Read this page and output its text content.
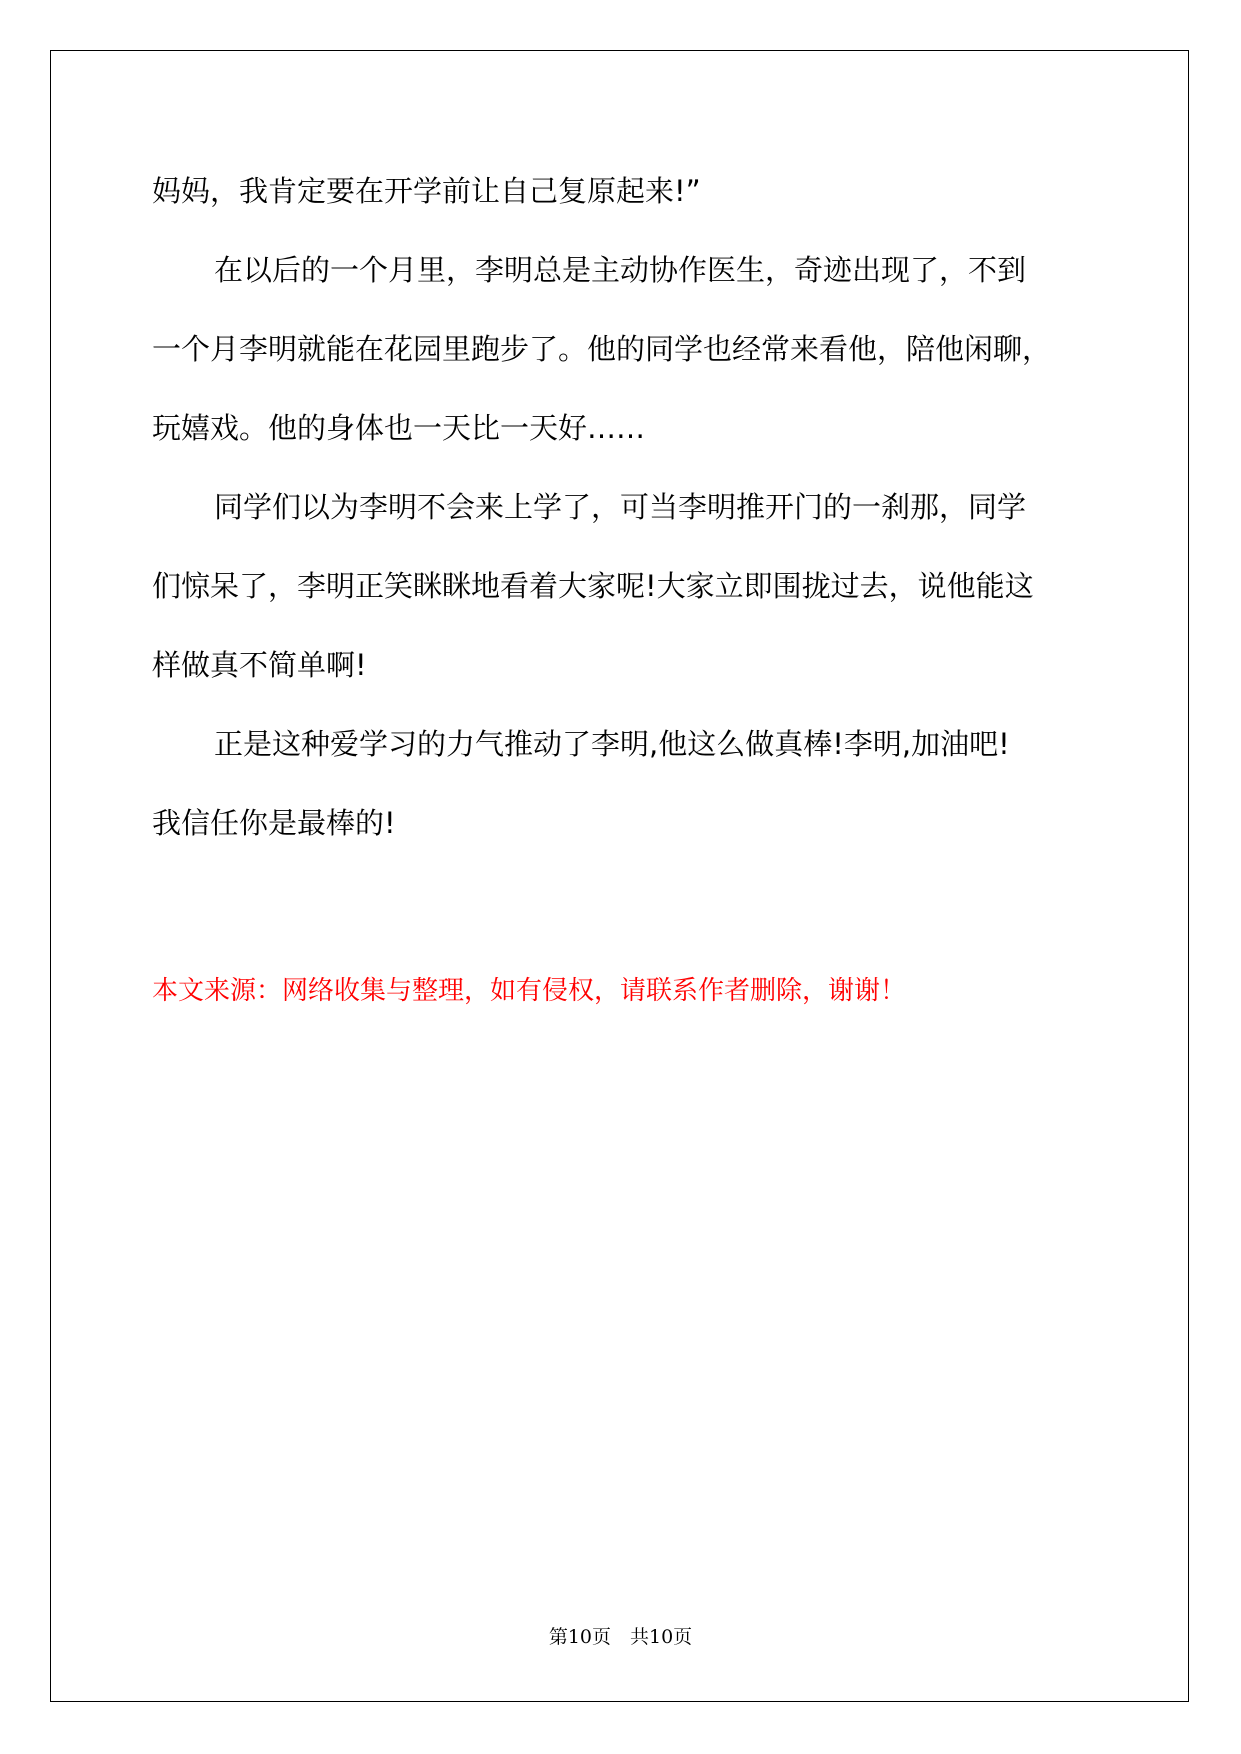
妈妈，我肯定要在开学前让自己复原起来!”

在以后的一个月里，李明总是主动协作医生，奇迹出现了，不到

一个月李明就能在花园里跑步了。他的同学也经常来看他，陪他闲聊，

玩嬉戏。他的身体也一天比一天好……

同学们以为李明不会来上学了，可当李明推开门的一刹那，同学

们惊呆了，李明正笑眯眯地看着大家呢!大家立即围拢过去，说他能这

样做真不简单啊!

正是这种爱学习的力气推动了李明,他这么做真棒!李明,加油吧!

我信任你是最棒的!

本文来源：网络收集与整理，如有侵权，请联系作者删除，谢谢！
第10页　共10页
